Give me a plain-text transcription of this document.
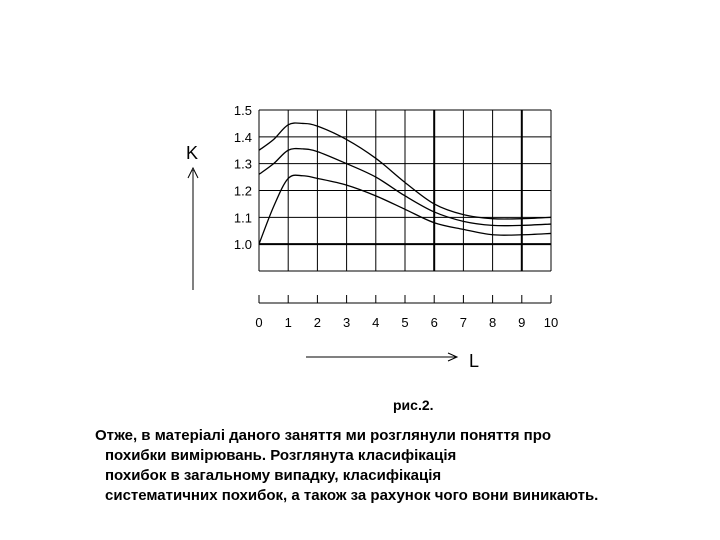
1.0
1.1
1.2
1.3
1.4
1.5
0 1 2 3 4 5 6 7 8 9 10
K
L
рис.2.
Отже, в матеріалі даного заняття ми розглянули поняття про
похибки вимірювань. Розглянута класифікація
похибок в загальному випадку, класифікація
систематичних похибок, а також за рахунок чого вони виникають.
